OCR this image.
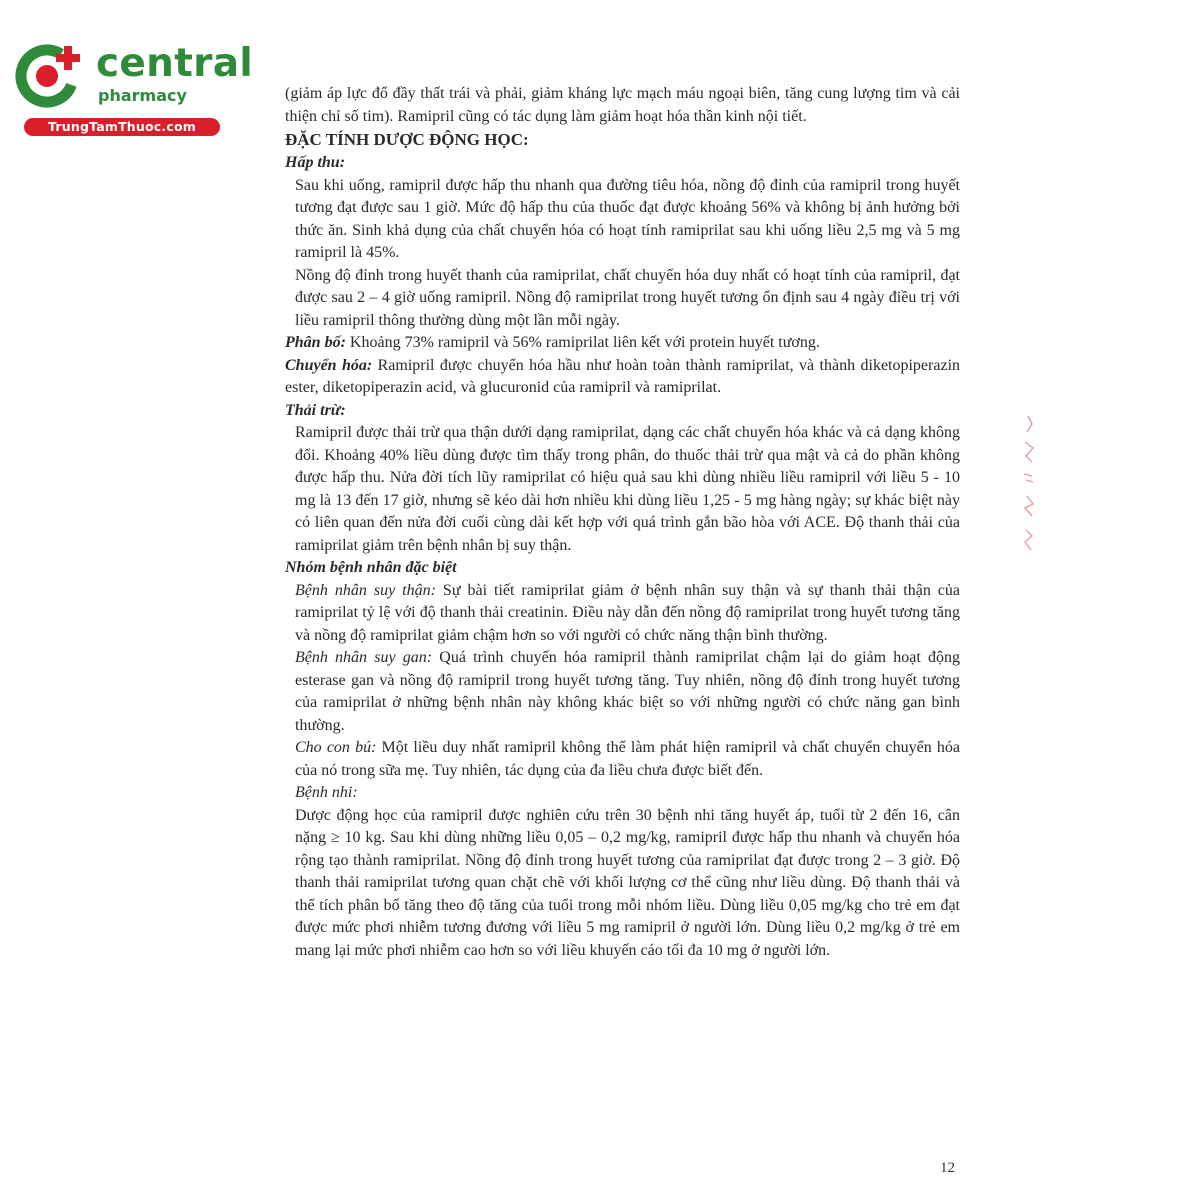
central
pharmacy
TrungTamThuoc.com

(giảm áp lực đổ đầy thất trái và phải, giảm kháng lực mạch máu ngoại biên, tăng cung lượng tim và cải thiện chỉ số tim). Ramipril cũng có tác dụng làm giảm hoạt hóa thần kinh nội tiết.

ĐẶC TÍNH DƯỢC ĐỘNG HỌC:

Hấp thu:

Sau khi uống, ramipril được hấp thu nhanh qua đường tiêu hóa, nồng độ đỉnh của ramipril trong huyết tương đạt được sau 1 giờ. Mức độ hấp thu của thuốc đạt được khoảng 56% và không bị ảnh hưởng bởi thức ăn. Sinh khả dụng của chất chuyển hóa có hoạt tính ramiprilat sau khi uống liều 2,5 mg và 5 mg ramipril là 45%.

Nồng độ đỉnh trong huyết thanh của ramiprilat, chất chuyển hóa duy nhất có hoạt tính của ramipril, đạt được sau 2 – 4 giờ uống ramipril. Nồng độ ramiprilat trong huyết tương ổn định sau 4 ngày điều trị với liều ramipril thông thường dùng một lần mỗi ngày.

Phân bố: Khoảng 73% ramipril và 56% ramiprilat liên kết với protein huyết tương.

Chuyển hóa: Ramipril được chuyển hóa hầu như hoàn toàn thành ramiprilat, và thành diketopiperazin ester, diketopiperazin acid, và glucuronid của ramipril và ramiprilat.

Thải trừ:

Ramipril được thải trừ qua thận dưới dạng ramiprilat, dạng các chất chuyển hóa khác và cả dạng không đổi. Khoảng 40% liều dùng được tìm thấy trong phân, do thuốc thải trừ qua mật và cả do phần không được hấp thu. Nửa đời tích lũy ramiprilat có hiệu quả sau khi dùng nhiều liều ramipril với liều 5 - 10 mg là 13 đến 17 giờ, nhưng sẽ kéo dài hơn nhiều khi dùng liều 1,25 - 5 mg hàng ngày; sự khác biệt này có liên quan đến nửa đời cuối cùng dài kết hợp với quá trình gắn bão hòa với ACE. Độ thanh thải của ramiprilat giảm trên bệnh nhân bị suy thận.

Nhóm bệnh nhân đặc biệt

Bệnh nhân suy thận: Sự bài tiết ramiprilat giảm ở bệnh nhân suy thận và sự thanh thải thận của ramiprilat tỷ lệ với độ thanh thải creatinin. Điều này dẫn đến nồng độ ramiprilat trong huyết tương tăng và nồng độ ramiprilat giảm chậm hơn so với người có chức năng thận bình thường.

Bệnh nhân suy gan: Quá trình chuyển hóa ramipril thành ramiprilat chậm lại do giảm hoạt động esterase gan và nồng độ ramipril trong huyết tương tăng. Tuy nhiên, nồng độ đỉnh trong huyết tương của ramiprilat ở những bệnh nhân này không khác biệt so với những người có chức năng gan bình thường.

Cho con bú: Một liều duy nhất ramipril không thể làm phát hiện ramipril và chất chuyển chuyển hóa của nó trong sữa mẹ. Tuy nhiên, tác dụng của đa liều chưa được biết đến.

Bệnh nhi:

Dược động học của ramipril được nghiên cứu trên 30 bệnh nhi tăng huyết áp, tuổi từ 2 đến 16, cân nặng ≥ 10 kg. Sau khi dùng những liều 0,05 – 0,2 mg/kg, ramipril được hấp thu nhanh và chuyển hóa rộng tạo thành ramiprilat. Nồng độ đỉnh trong huyết tương của ramiprilat đạt được trong 2 – 3 giờ. Độ thanh thải ramiprilat tương quan chặt chẽ với khối lượng cơ thể cũng như liều dùng. Độ thanh thải và thể tích phân bố tăng theo độ tăng của tuổi trong mỗi nhóm liều. Dùng liều 0,05 mg/kg cho trẻ em đạt được mức phơi nhiễm tương đương với liều 5 mg ramipril ở người lớn. Dùng liều 0,2 mg/kg ở trẻ em mang lại mức phơi nhiễm cao hơn so với liều khuyến cáo tối đa 10 mg ở người lớn.

12
